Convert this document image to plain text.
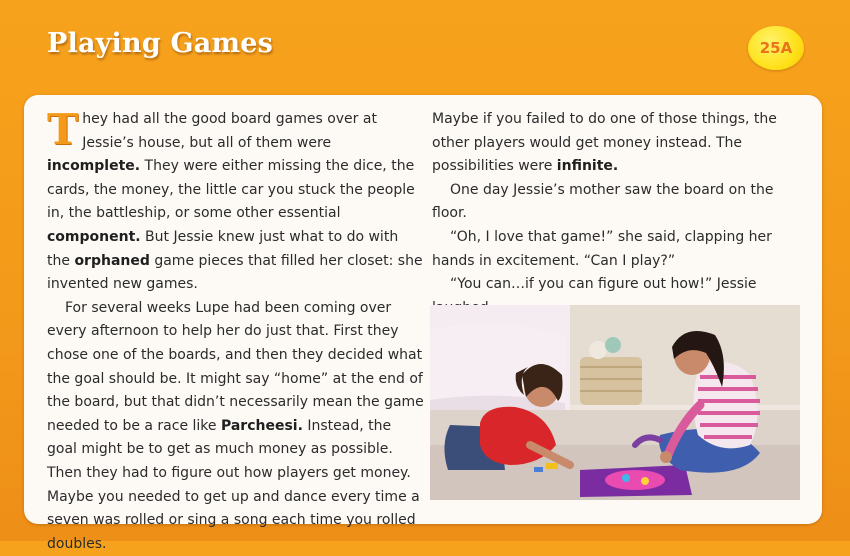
Playing Games	25A

They had all the good board games over at Jessie’s house, but all of them were incomplete. They were either missing the dice, the cards, the money, the little car you stuck the people in, the battleship, or some other essential component. But Jessie knew just what to do with the orphaned game pieces that filled her closet: she invented new games.

For several weeks Lupe had been coming over every afternoon to help her do just that. First they chose one of the boards, and then they decided what the goal should be. It might say “home” at the end of the board, but that didn’t necessarily mean the game needed to be a race like Parcheesi. Instead, the goal might be to get as much money as possible. Then they had to figure out how players get money. Maybe you needed to get up and dance every time a seven was rolled or sing a song each time you rolled doubles.

Maybe if you failed to do one of those things, the other players would get money instead. The possibilities were infinite.

One day Jessie’s mother saw the board on the floor.

“Oh, I love that game!” she said, clapping her hands in excitement. “Can I play?”

“You can…if you can figure out how!” Jessie
